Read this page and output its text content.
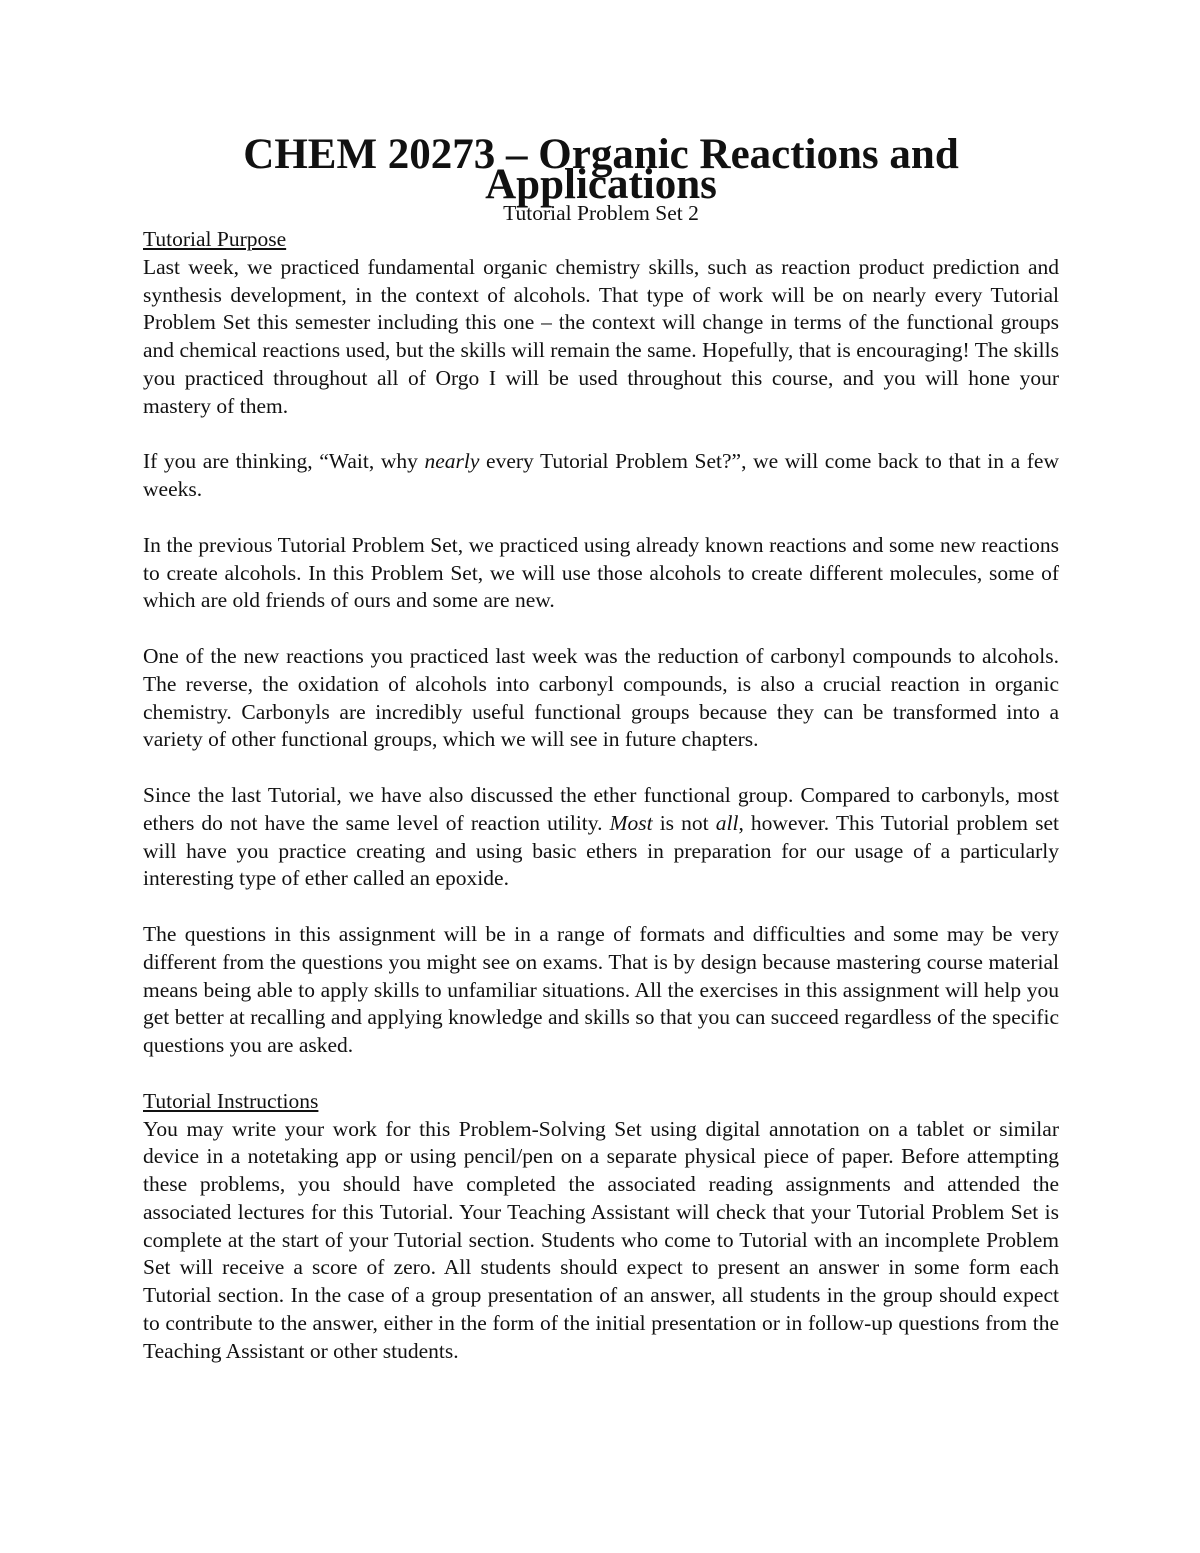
CHEM 20273 – Organic Reactions and Applications
Tutorial Problem Set 2
Tutorial Purpose

Last week, we practiced fundamental organic chemistry skills, such as reaction product prediction and synthesis development, in the context of alcohols. That type of work will be on nearly every Tutorial Problem Set this semester including this one – the context will change in terms of the functional groups and chemical reactions used, but the skills will remain the same. Hopefully, that is encouraging! The skills you practiced throughout all of Orgo I will be used throughout this course, and you will hone your mastery of them.

If you are thinking, “Wait, why nearly every Tutorial Problem Set?”, we will come back to that in a few weeks.

In the previous Tutorial Problem Set, we practiced using already known reactions and some new reactions to create alcohols. In this Problem Set, we will use those alcohols to create different molecules, some of which are old friends of ours and some are new.

One of the new reactions you practiced last week was the reduction of carbonyl compounds to alcohols. The reverse, the oxidation of alcohols into carbonyl compounds, is also a crucial reaction in organic chemistry. Carbonyls are incredibly useful functional groups because they can be transformed into a variety of other functional groups, which we will see in future chapters.

Since the last Tutorial, we have also discussed the ether functional group. Compared to carbonyls, most ethers do not have the same level of reaction utility. Most is not all, however. This Tutorial problem set will have you practice creating and using basic ethers in preparation for our usage of a particularly interesting type of ether called an epoxide.

The questions in this assignment will be in a range of formats and difficulties and some may be very different from the questions you might see on exams. That is by design because mastering course material means being able to apply skills to unfamiliar situations. All the exercises in this assignment will help you get better at recalling and applying knowledge and skills so that you can succeed regardless of the specific questions you are asked.

Tutorial Instructions

You may write your work for this Problem-Solving Set using digital annotation on a tablet or similar device in a notetaking app or using pencil/pen on a separate physical piece of paper. Before attempting these problems, you should have completed the associated reading assignments and attended the associated lectures for this Tutorial. Your Teaching Assistant will check that your Tutorial Problem Set is complete at the start of your Tutorial section. Students who come to Tutorial with an incomplete Problem Set will receive a score of zero. All students should expect to present an answer in some form each Tutorial section. In the case of a group presentation of an answer, all students in the group should expect to contribute to the answer, either in the form of the initial presentation or in follow-up questions from the Teaching Assistant or other students.
